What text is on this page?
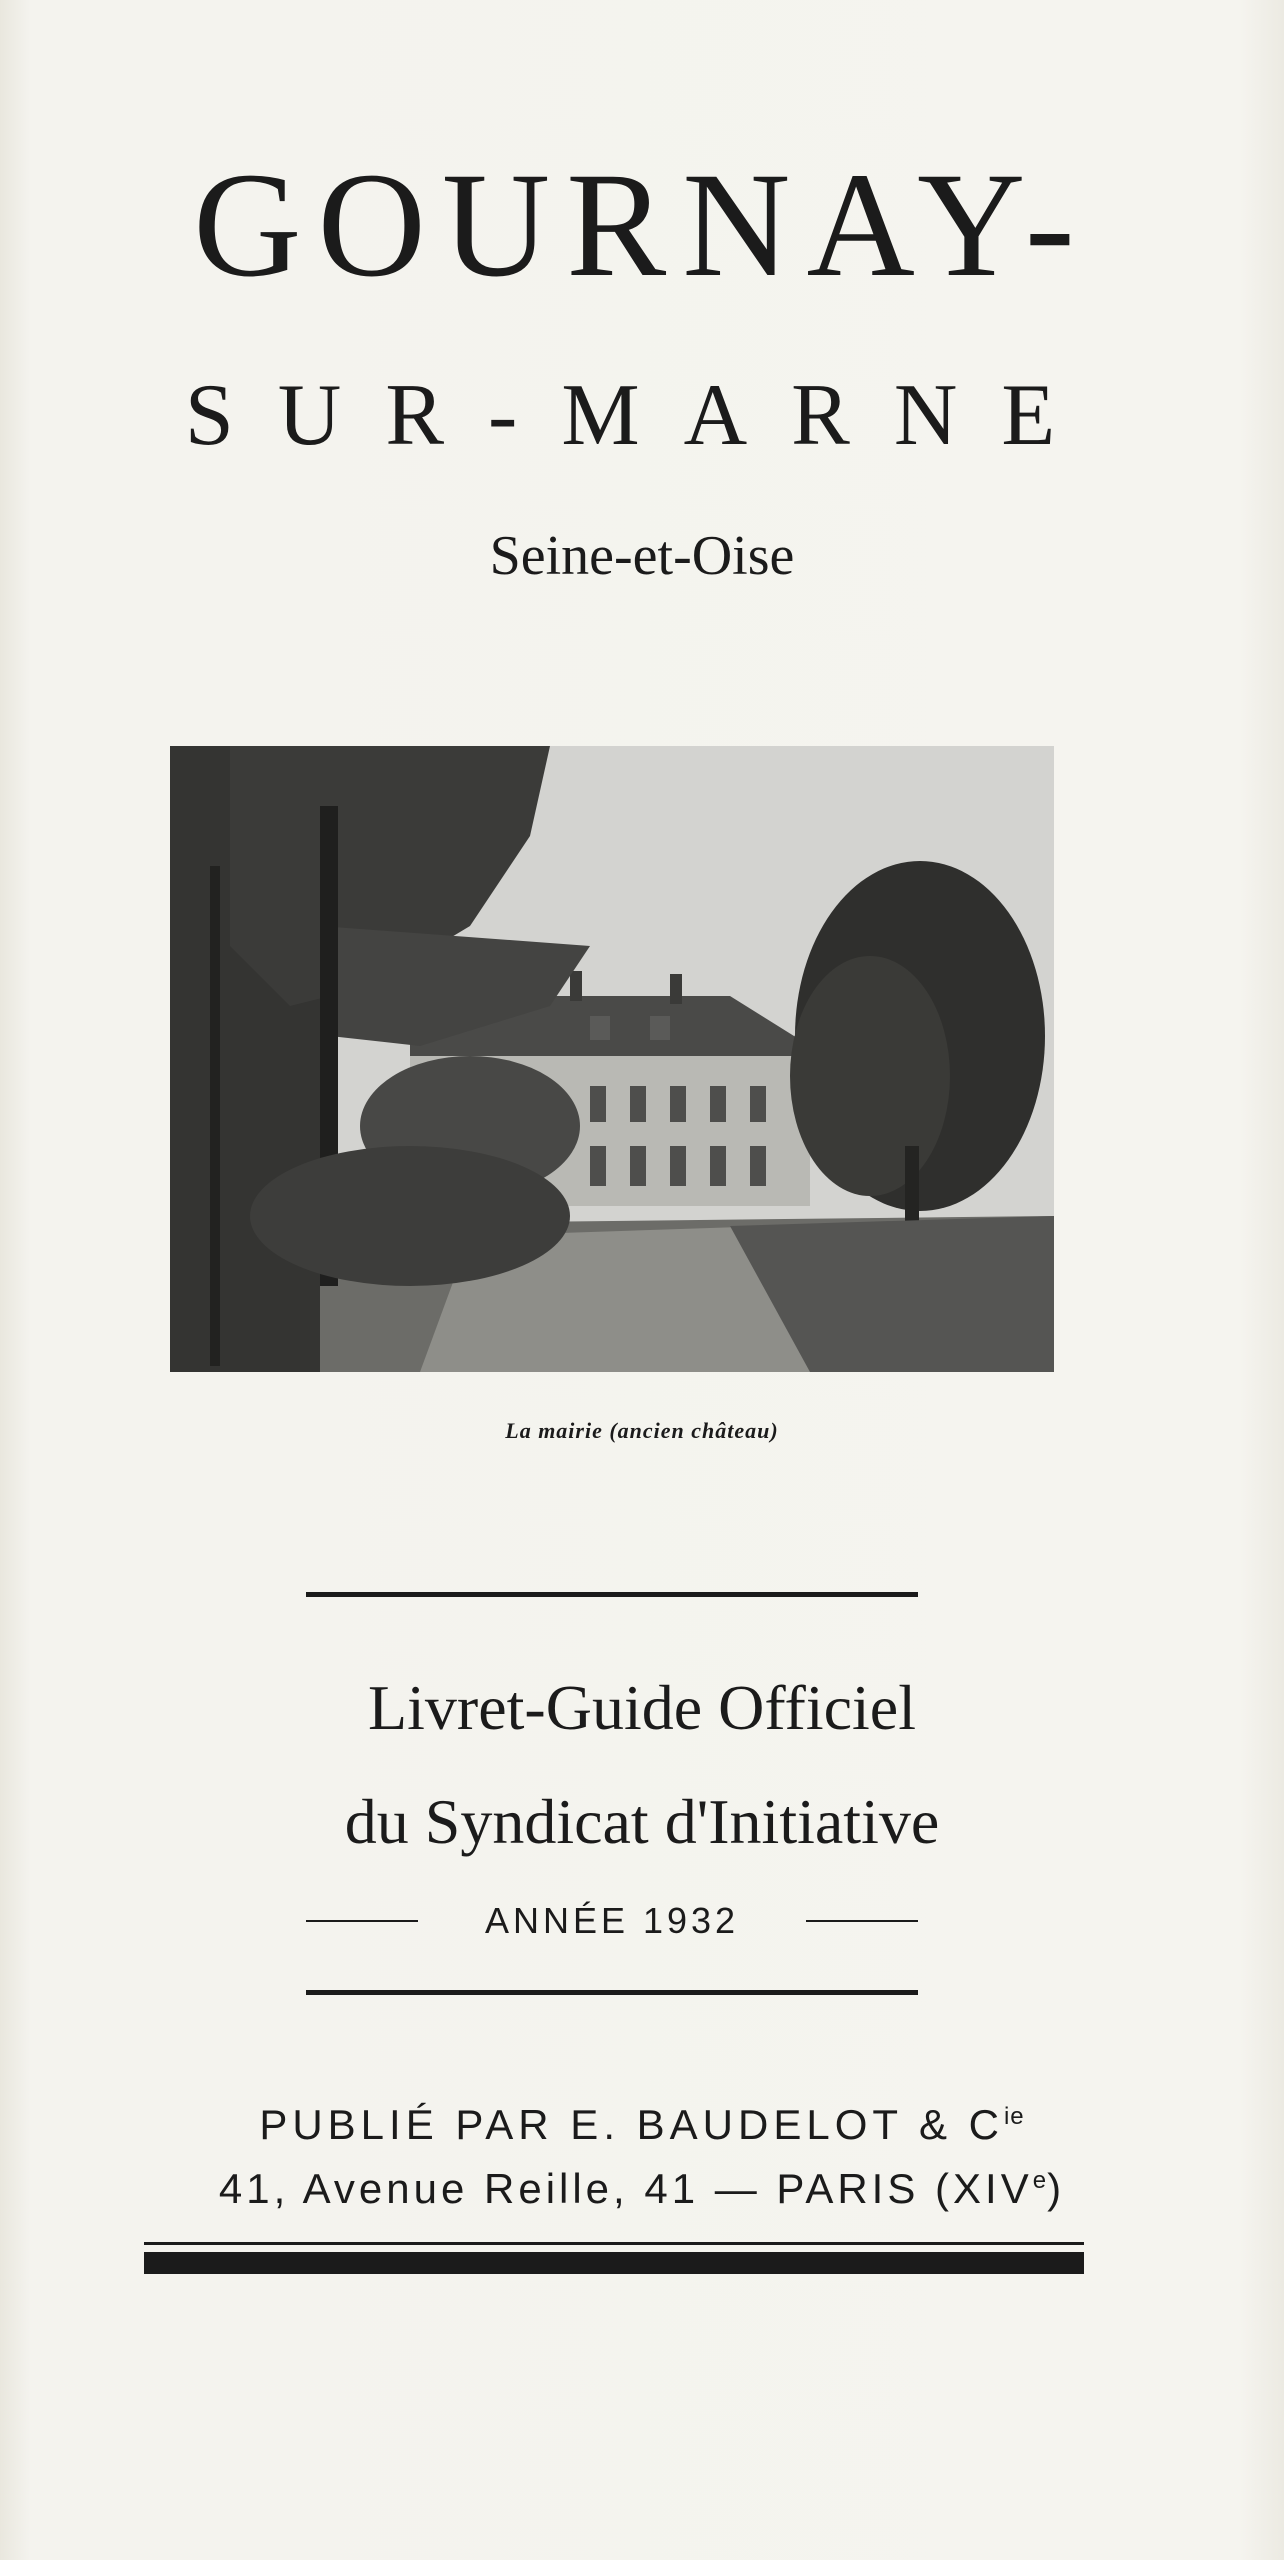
GOURNAY-
SUR-MARNE
Seine-et-Oise
La mairie (ancien château)
Livret-Guide Officiel
du Syndicat d'Initiative
ANNÉE 1932
PUBLIÉ PAR E. BAUDELOT & $C^{ie}$
41, Avenue Reille, 41 — PARIS (XIVe)
